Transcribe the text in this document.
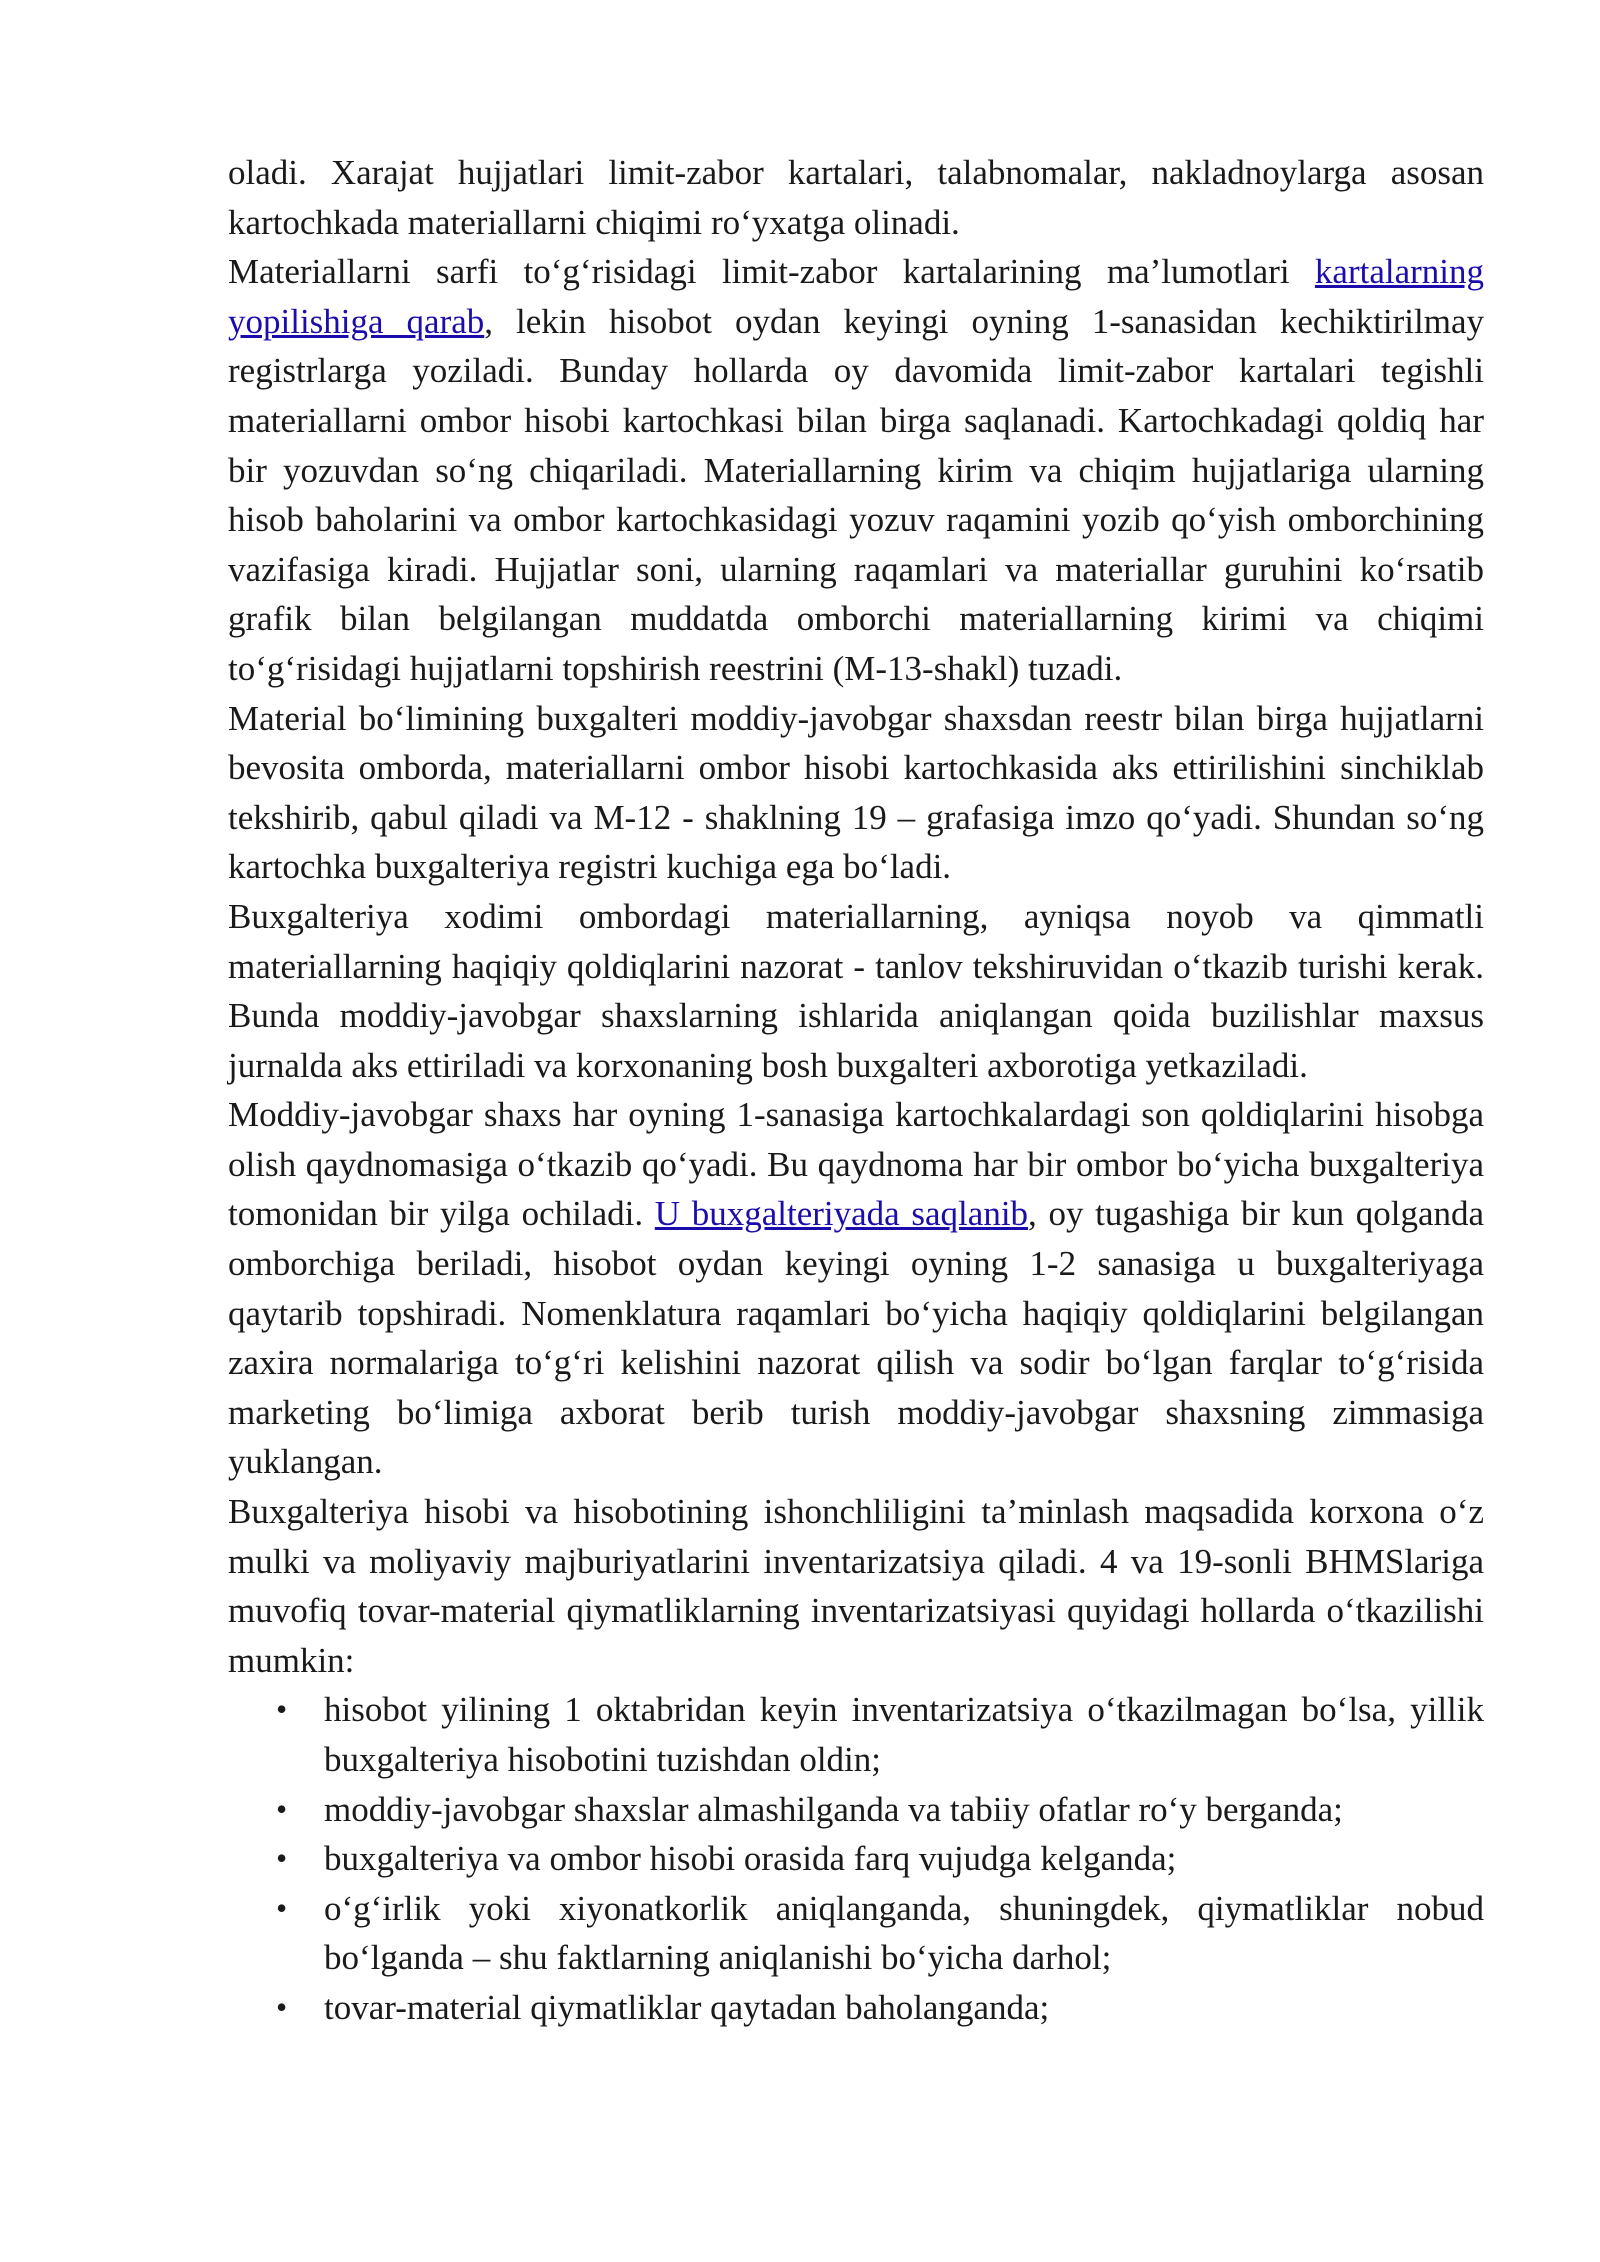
oladi. Xarajat hujjatlari limit-zabor kartalari, talabnomalar, nakladnoylarga asosan kartochkada materiallarni chiqimi ro‘yxatga olinadi.

Materiallarni sarfi to‘g‘risidagi limit-zabor kartalarining ma’lumotlari kartalarning yopilishiga qarab, lekin hisobot oydan keyingi oyning 1-sanasidan kechiktirilmay registrlarga yoziladi. Bunday hollarda oy davomida limit-zabor kartalari tegishli materiallarni ombor hisobi kartochkasi bilan birga saqlanadi. Kartochkadagi qoldiq har bir yozuvdan so‘ng chiqariladi. Materiallarning kirim va chiqim hujjatlariga ularning hisob baholarini va ombor kartochkasidagi yozuv raqamini yozib qo‘yish omborchining vazifasiga kiradi. Hujjatlar soni, ularning raqamlari va materiallar guruhini ko‘rsatib grafik bilan belgilangan muddatda omborchi materiallarning kirimi va chiqimi to‘g‘risidagi hujjatlarni topshirish reestrini (M-13-shakl) tuzadi.

Material bo‘limining buxgalteri moddiy-javobgar shaxsdan reestr bilan birga hujjatlarni bevosita omborda, materiallarni ombor hisobi kartochkasida aks ettirilishini sinchiklab tekshirib, qabul qiladi va M-12 - shaklning 19 – grafasiga imzo qo‘yadi. Shundan so‘ng kartochka buxgalteriya registri kuchiga ega bo‘ladi.

Buxgalteriya xodimi ombordagi materiallarning, ayniqsa noyob va qimmatli materiallarning haqiqiy qoldiqlarini nazorat - tanlov tekshiruvidan o‘tkazib turishi kerak. Bunda moddiy-javobgar shaxslarning ishlarida aniqlangan qoida buzilishlar maxsus jurnalda aks ettiriladi va korxonaning bosh buxgalteri axborotiga yetkaziladi.

Moddiy-javobgar shaxs har oyning 1-sanasiga kartochkalardagi son qoldiqlarini hisobga olish qaydnomasiga o‘tkazib qo‘yadi. Bu qaydnoma har bir ombor bo‘yicha buxgalteriya tomonidan bir yilga ochiladi. U buxgalteriyada saqlanib, oy tugashiga bir kun qolganda omborchiga beriladi, hisobot oydan keyingi oyning 1-2 sanasiga u buxgalteriyaga qaytarib topshiradi. Nomenklatura raqamlari bo‘yicha haqiqiy qoldiqlarini belgilangan zaxira normalariga to‘g‘ri kelishini nazorat qilish va sodir bo‘lgan farqlar to‘g‘risida marketing bo‘limiga axborat berib turish moddiy-javobgar shaxsning zimmasiga yuklangan.

Buxgalteriya hisobi va hisobotining ishonchliligini ta’minlash maqsadida korxona o‘z mulki va moliyaviy majburiyatlarini inventarizatsiya qiladi. 4 va 19-sonli BHMSlariga muvofiq tovar-material qiymatliklarning inventarizatsiyasi quyidagi hollarda o‘tkazilishi mumkin:

• hisobot yilining 1 oktabridan keyin inventarizatsiya o‘tkazilmagan bo‘lsa, yillik buxgalteriya hisobotini tuzishdan oldin;
• moddiy-javobgar shaxslar almashilganda va tabiiy ofatlar ro‘y berganda;
• buxgalteriya va ombor hisobi orasida farq vujudga kelganda;
• o‘g‘irlik yoki xiyonatkorlik aniqlanganda, shuningdek, qiymatliklar nobud bo‘lganda – shu faktlarning aniqlanishi bo‘yicha darhol;
• tovar-material qiymatliklar qaytadan baholanganda;
